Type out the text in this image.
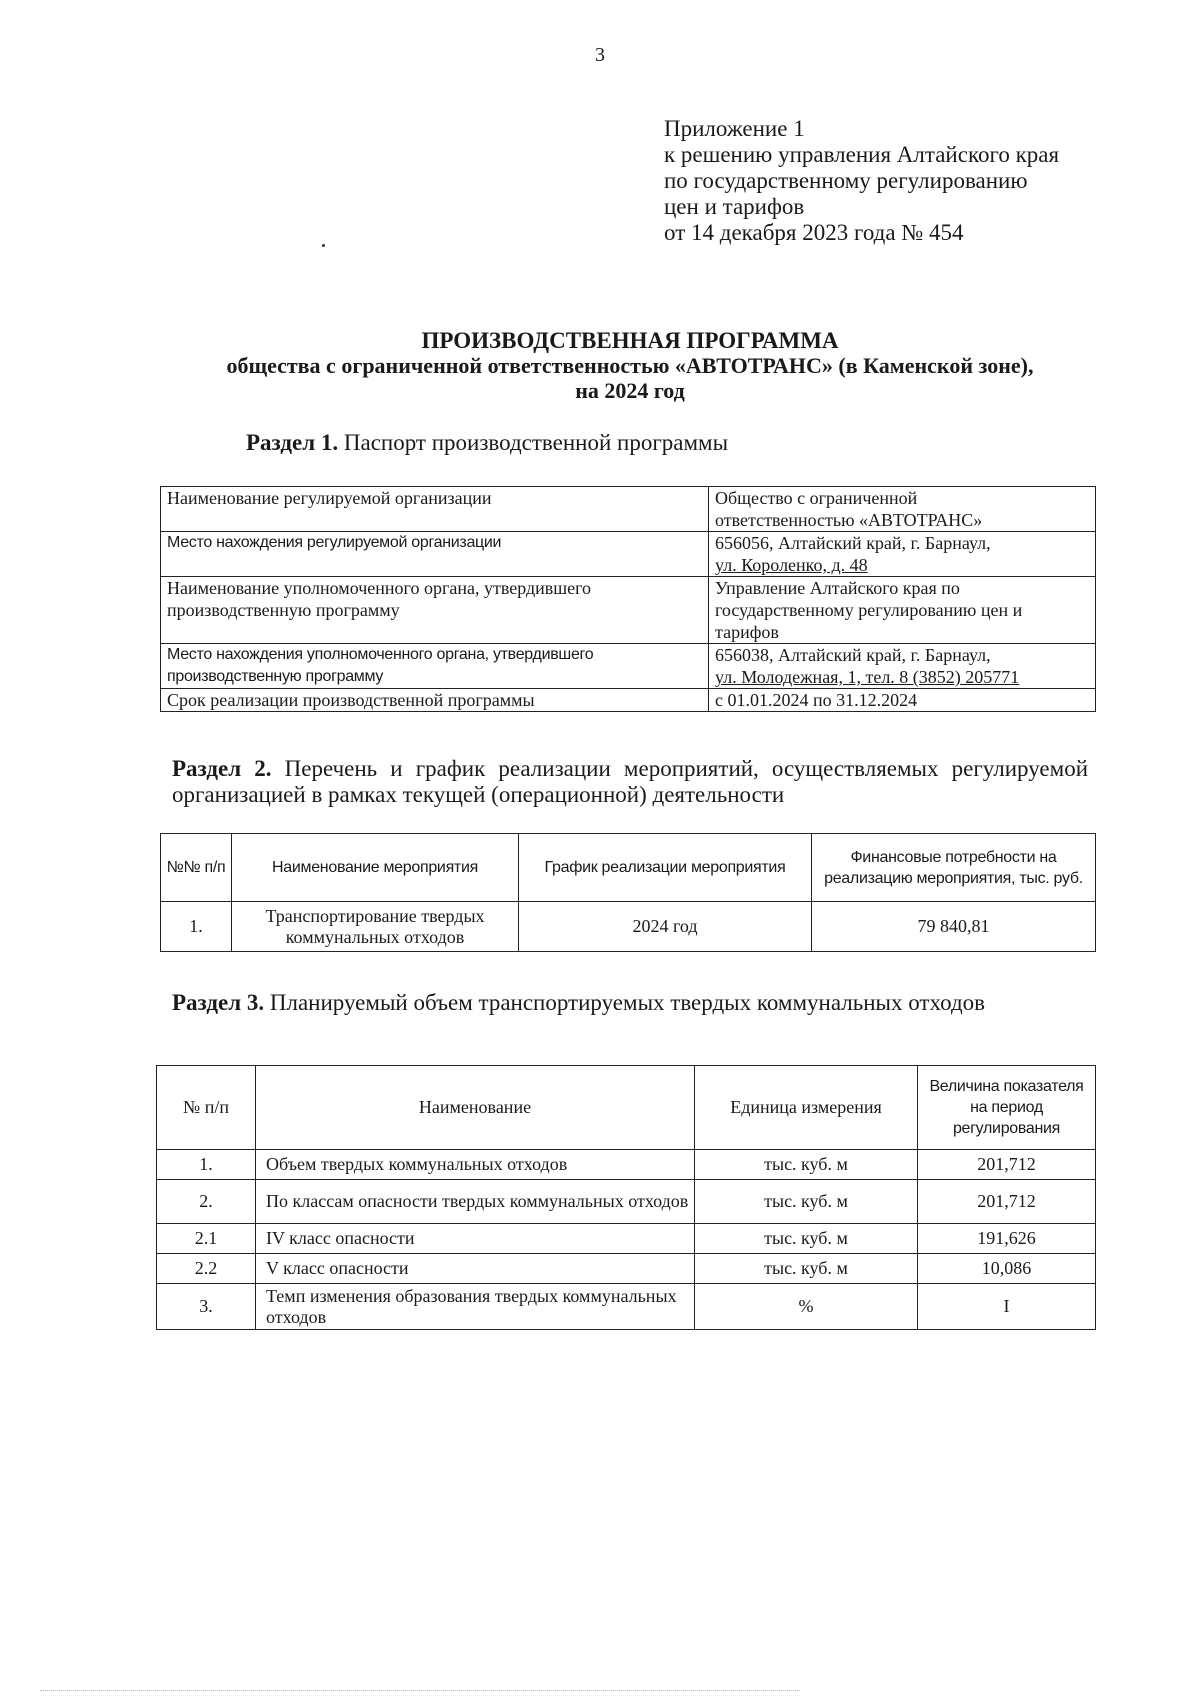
3
Приложение 1
к решению управления Алтайского края
по государственному регулированию
цен и тарифов
от 14 декабря 2023 года № 454
ПРОИЗВОДСТВЕННАЯ ПРОГРАММА
общества с ограниченной ответственностью «АВТОТРАНС» (в Каменской зоне),
на 2024 год
Раздел 1. Паспорт производственной программы
Наименование регулируемой организации	Общество с ограниченной
ответственностью «АВТОТРАНС»

Место нахождения регулируемой организации	656056, Алтайский край, г. Барнаул,
ул. Короленко, д. 48

Наименование уполномоченного органа, утвердившего производственную программу	Управление Алтайского края по
государственному регулированию цен и
тарифов

Место нахождения уполномоченного органа, утвердившего производственную программу	656038, Алтайский край, г. Барнаул,
ул. Молодежная, 1, тел. 8 (3852) 205771

Срок реализации производственной программы	с 01.01.2024 по 31.12.2024
Раздел 2. Перечень и график реализации мероприятий, осуществляемых регулируемой организацией в рамках текущей (операционной) деятельности
№№ п/п	Наименование мероприятия	График реализации мероприятия	Финансовые потребности на реализацию мероприятия, тыс. руб.
1.	Транспортирование твердых коммунальных отходов	2024 год	79 840,81
Раздел 3. Планируемый объем транспортируемых твердых коммунальных отходов
№ п/п	Наименование	Единица измерения	Величина показателя на период регулирования
1.	Объем твердых коммунальных отходов	тыс. куб. м	201,712
2.	По классам опасности твердых коммунальных отходов	тыс. куб. м	201,712
2.1	IV класс опасности	тыс. куб. м	191,626
2.2	V класс опасности	тыс. куб. м	10,086
3.	Темп изменения образования твердых коммунальных отходов	%	I
